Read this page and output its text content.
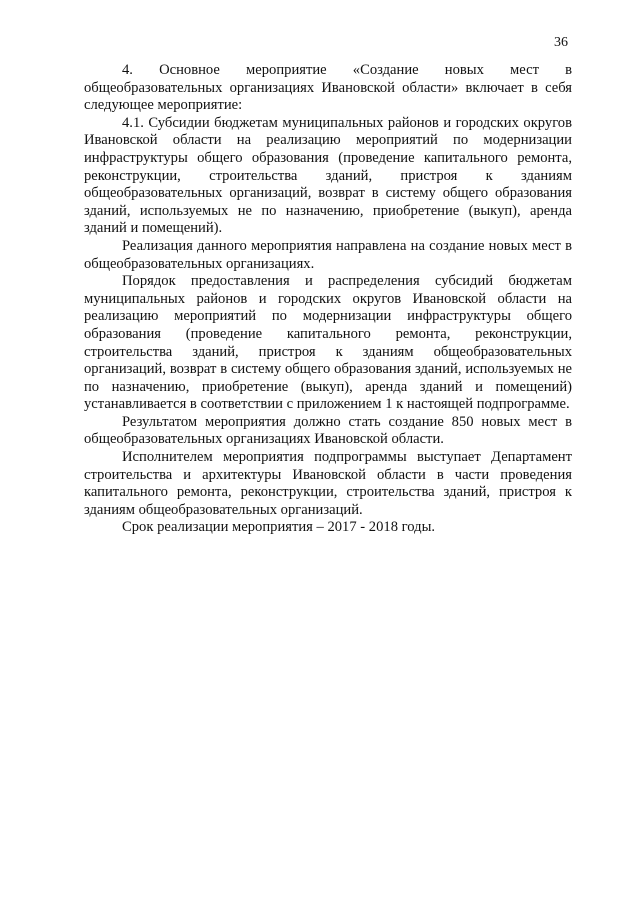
36

4. Основное мероприятие «Создание новых мест в общеобразовательных организациях Ивановской области» включает в себя следующее мероприятие:

4.1. Субсидии бюджетам муниципальных районов и городских округов Ивановской области на реализацию мероприятий по модернизации инфраструктуры общего образования (проведение капитального ремонта, реконструкции, строительства зданий, пристроя к зданиям общеобразовательных организаций, возврат в систему общего образования зданий, используемых не по назначению, приобретение (выкуп), аренда зданий и помещений).

Реализация данного мероприятия направлена на создание новых мест в общеобразовательных организациях.

Порядок предоставления и распределения субсидий бюджетам муниципальных районов и городских округов Ивановской области на реализацию мероприятий по модернизации инфраструктуры общего образования (проведение капитального ремонта, реконструкции, строительства зданий, пристроя к зданиям общеобразовательных организаций, возврат в систему общего образования зданий, используемых не по назначению, приобретение (выкуп), аренда зданий и помещений) устанавливается в соответствии с приложением 1 к настоящей подпрограмме.

Результатом мероприятия должно стать создание 850 новых мест в общеобразовательных организациях Ивановской области.

Исполнителем мероприятия подпрограммы выступает Департамент строительства и архитектуры Ивановской области в части проведения капитального ремонта, реконструкции, строительства зданий, пристроя к зданиям общеобразовательных организаций.

Срок реализации мероприятия – 2017 - 2018 годы.
